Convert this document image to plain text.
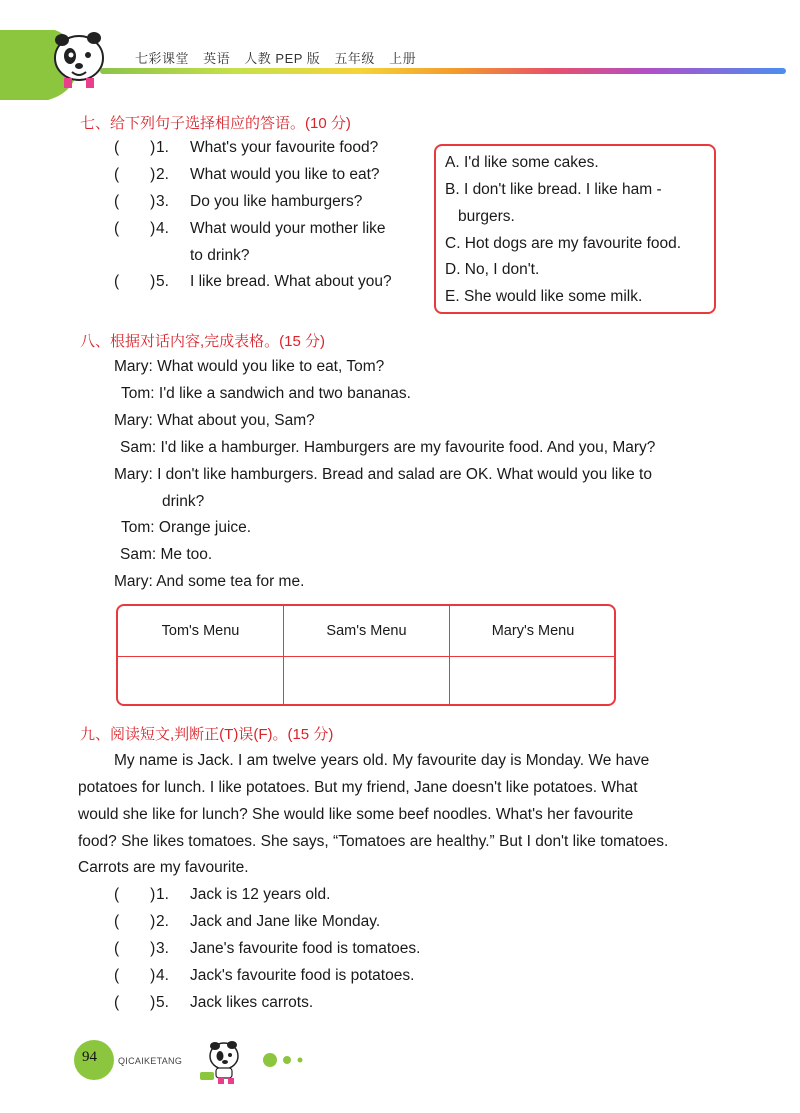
七彩课堂 英语 人教 PEP 版 五年级 上册
七、给下列句子选择相应的答语。(10 分)
(　　)1. What's your favourite food?
(　　)2. What would you like to eat?
(　　)3. Do you like hamburgers?
(　　)4. What would your mother like
to drink?
(　　)5. I like bread. What about you?
A. I'd like some cakes.
B. I don't like bread. I like ham -
burgers.
C. Hot dogs are my favourite food.
D. No, I don't.
E. She would like some milk.
八、根据对话内容,完成表格。(15 分)
Mary: What would you like to eat, Tom?
Tom: I'd like a sandwich and two bananas.
Mary: What about you, Sam?
Sam: I'd like a hamburger. Hamburgers are my favourite food. And you, Mary?
Mary: I don't like hamburgers. Bread and salad are OK. What would you like to
drink?
Tom: Orange juice.
Sam: Me too.
Mary: And some tea for me.
Tom's Menu	Sam's Menu	Mary's Menu
九、阅读短文,判断正(T)误(F)。(15 分)
My name is Jack. I am twelve years old. My favourite day is Monday. We have
potatoes for lunch. I like potatoes. But my friend, Jane doesn't like potatoes. What
would she like for lunch? She would like some beef noodles. What's her favourite
food? She likes tomatoes. She says, “Tomatoes are healthy.” But I don't like tomatoes.
Carrots are my favourite.
(　　)1. Jack is 12 years old.
(　　)2. Jack and Jane like Monday.
(　　)3. Jane's favourite food is tomatoes.
(　　)4. Jack's favourite food is potatoes.
(　　)5. Jack likes carrots.
94 QICAIKETANG
